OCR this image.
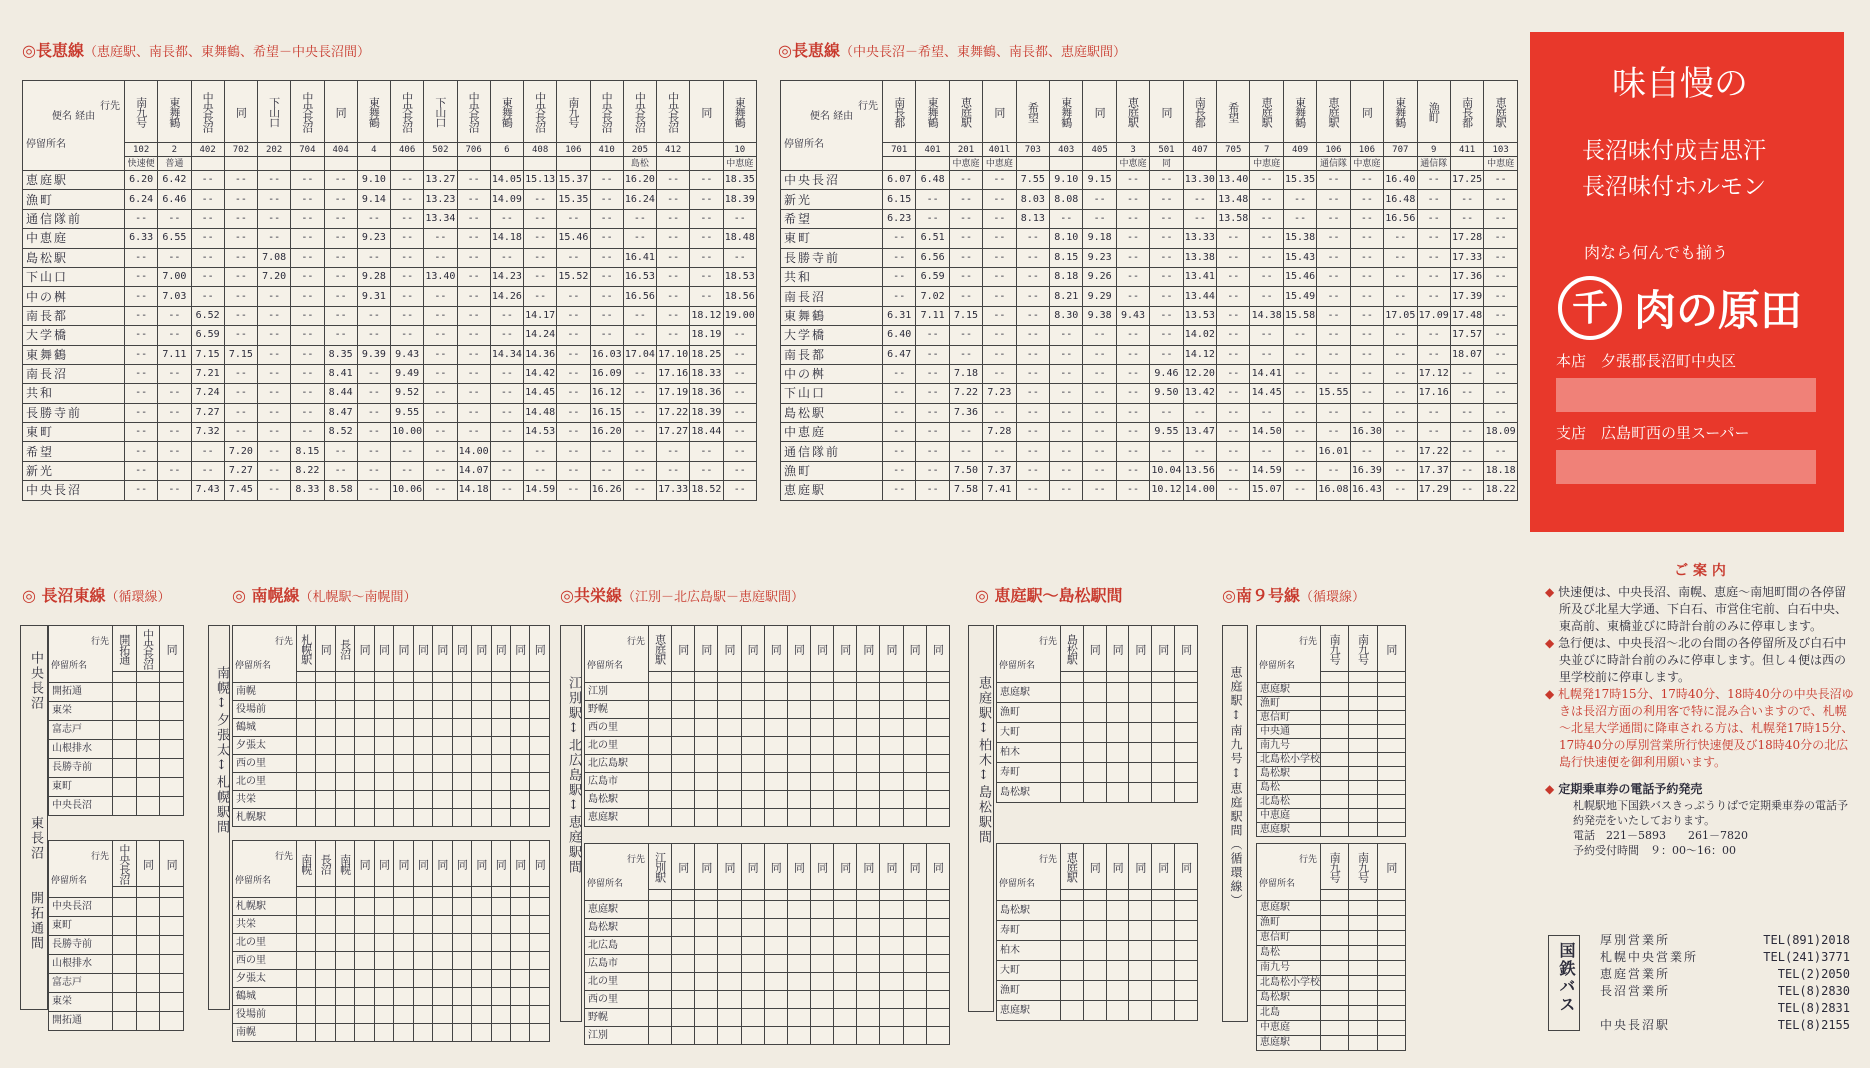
◎長恵線（恵庭駅、南長都、東舞鶴、希望－中央長沼間）
行先
便名 経由
停留所名	南九号	東舞鶴	中央長沼	同	下山口	中央長沼	同	東舞鶴	中央長沼	下山口	中央長沼	東舞鶴	中央長沼	南九号	中央長沼	中央長沼	中央長沼	同	東舞鶴
	102	2	402	702	202	704	404	4	406	502	706	6	408	106	410	205	412		10
	快速便	普通														島松			中恵庭
恵庭駅	6.20	6.42	--	--	--	--	--	9.10	--	13.27	--	14.05	15.13	15.37	--	16.20	--	--	18.35
漁町	6.24	6.46	--	--	--	--	--	9.14	--	13.23	--	14.09	--	15.35	--	16.24	--	--	18.39
通信隊前	--	--	--	--	--	--	--	--	--	13.34	--	--	--	--	--	--	--	--	--
中恵庭	6.33	6.55	--	--	--	--	--	9.23	--	--	--	14.18	--	15.46	--	--	--	--	18.48
島松駅	--	--	--	--	7.08	--	--	--	--	--	--	--	--	--	--	16.41	--	--	--
下山口	--	7.00	--	--	7.20	--	--	9.28	--	13.40	--	14.23	--	15.52	--	16.53	--	--	18.53
中の桝	--	7.03	--	--	--	--	--	9.31	--	--	--	14.26	--	--	--	16.56	--	--	18.56
南長都	--	--	6.52	--	--	--	--	--	--	--	--	--	14.17	--	--	--	--	18.12	19.00
大学橋	--	--	6.59	--	--	--	--	--	--	--	--	--	14.24	--	--	--	--	18.19	--
東舞鶴	--	7.11	7.15	7.15	--	--	8.35	9.39	9.43	--	--	14.34	14.36	--	16.03	17.04	17.10	18.25	--
南長沼	--	--	7.21	--	--	--	8.41	--	9.49	--	--	--	14.42	--	16.09	--	17.16	18.33	--
共和	--	--	7.24	--	--	--	8.44	--	9.52	--	--	--	14.45	--	16.12	--	17.19	18.36	--
長勝寺前	--	--	7.27	--	--	--	8.47	--	9.55	--	--	--	14.48	--	16.15	--	17.22	18.39	--
東町	--	--	7.32	--	--	--	8.52	--	10.00	--	--	--	14.53	--	16.20	--	17.27	18.44	--
希望	--	--	--	7.20	--	8.15	--	--	--	--	14.00	--	--	--	--	--	--	--	--
新光	--	--	--	7.27	--	8.22	--	--	--	--	14.07	--	--	--	--	--	--	--	--
中央長沼	--	--	7.43	7.45	--	8.33	8.58	--	10.06	--	14.18	--	14.59	--	16.26	--	17.33	18.52	--
◎長恵線（中央長沼－希望、東舞鶴、南長都、恵庭駅間）
行先
便名 経由
停留所名	南長都	東舞鶴	恵庭駅	同	希望	東舞鶴	同	恵庭駅	同	南長都	希望	恵庭駅	東舞鶴	恵庭駅	同	東舞鶴	漁町	南長都	恵庭駅
	701	401	201	401l	703	403	405	3	501	407	705	7	409	106	106	707	9	411	103
			中恵庭	中恵庭				中恵庭	同			中恵庭		通信隊	中恵庭		通信隊		中恵庭
中央長沼	6.07	6.48	--	--	7.55	9.10	9.15	--	--	13.30	13.40	--	15.35	--	--	16.40	--	17.25	--
新光	6.15	--	--	--	8.03	8.08	--	--	--	--	13.48	--	--	--	--	16.48	--	--	--
希望	6.23	--	--	--	8.13	--	--	--	--	--	13.58	--	--	--	--	16.56	--	--	--
東町	--	6.51	--	--	--	8.10	9.18	--	--	13.33	--	--	15.38	--	--	--	--	17.28	--
長勝寺前	--	6.56	--	--	--	8.15	9.23	--	--	13.38	--	--	15.43	--	--	--	--	17.33	--
共和	--	6.59	--	--	--	8.18	9.26	--	--	13.41	--	--	15.46	--	--	--	--	17.36	--
南長沼	--	7.02	--	--	--	8.21	9.29	--	--	13.44	--	--	15.49	--	--	--	--	17.39	--
東舞鶴	6.31	7.11	7.15	--	--	8.30	9.38	9.43	--	13.53	--	14.38	15.58	--	--	17.05	17.09	17.48	--
大学橋	6.40	--	--	--	--	--	--	--	--	14.02	--	--	--	--	--	--	--	17.57	--
南長都	6.47	--	--	--	--	--	--	--	--	14.12	--	--	--	--	--	--	--	18.07	--
中の桝	--	--	7.18	--	--	--	--	--	9.46	12.20	--	14.41	--	--	--	--	17.12	--	--
下山口	--	--	7.22	7.23	--	--	--	--	9.50	13.42	--	14.45	--	15.55	--	--	17.16	--	--
島松駅	--	--	7.36	--	--	--	--	--	--	--	--	--	--	--	--	--	--	--	--
中恵庭	--	--	--	7.28	--	--	--	--	9.55	13.47	--	14.50	--	--	16.30	--	--	--	18.09
通信隊前	--	--	--	--	--	--	--	--	--	--	--	--	--	16.01	--	--	17.22	--	--
漁町	--	--	7.50	7.37	--	--	--	--	10.04	13.56	--	14.59	--	--	16.39	--	17.37	--	18.18
恵庭駅	--	--	7.58	7.41	--	--	--	--	10.12	14.00	--	15.07	--	16.08	16.43	--	17.29	--	18.22
味自慢の
長沼味付成吉思汗
長沼味付ホルモン
肉なら何んでも揃う
千 肉の原田
本店　夕張郡長沼町中央区
支店　広島町西の里スーパー
◎ 長沼東線（循環線）	◎ 南幌線（札幌駅～南幌間）	◎共栄線（江別－北広島駅－恵庭駅間）	◎ 恵庭駅～島松駅間	◎南９号線（循環線）
中央長沼
東長沼
開拓通間
行先
停留所名	開拓通	中央長沼	同

開拓通			
東栄			
富志戸			
山根排水			
長勝寺前			
東町			
中央長沼			
行先
停留所名	中央長沼	同	同

中央長沼			
東町			
長勝寺前			
山根排水			
富志戸			
東栄			
開拓通			
南幌↕夕張太↕札幌駅間
行先
停留所名	札幌駅	同	長沼	同	同	同	同	同	同	同	同	同	同

南幌													
役場前													
鶴城													
夕張太													
西の里													
北の里													
共栄													
札幌駅													
行先
停留所名	南幌	長沼	南幌	同	同	同	同	同	同	同	同	同	同

札幌駅													
共栄													
北の里													
西の里													
夕張太													
鶴城													
役場前													
南幌													
江別駅↕北広島駅↕恵庭駅間
行先
停留所名	恵庭駅	同	同	同	同	同	同	同	同	同	同	同	同

江別													
野幌													
西の里													
北の里													
北広島駅													
広島市													
島松駅													
恵庭駅													
行先
停留所名	江別駅	同	同	同	同	同	同	同	同	同	同	同	同

恵庭駅													
島松駅													
北広島													
広島市													
北の里													
西の里													
野幌													
江別													
恵庭駅↕柏木↕島松駅間
行先
停留所名	島松駅	同	同	同	同	同

恵庭駅						
漁町						
大町						
柏木						
寿町						
島松駅						
行先
停留所名	恵庭駅	同	同	同	同	同

島松駅						
寿町						
柏木						
大町						
漁町						
恵庭駅						
恵庭駅↕南九号↕恵庭駅間（循環線）
行先
停留所名	南九号	南九号	同

恵庭駅			
漁町			
恵信町			
中央通			
南九号			
北島松小学校			
島松駅			
島松			
北島松			
中恵庭			
恵庭駅			
行先
停留所名	南九号	南九号	同

恵庭駅			
漁町			
恵信町			
島松			
南九号			
北島松小学校			
島松駅			
北島			
中恵庭			
恵庭駅			
ご 案 内

◆ 快速便は、中央長沼、南幌、恵庭～南旭町間の各停留所及び北星大学通、下白石、市営住宅前、白石中央、東高前、東橋並びに時計台前のみに停車します。

◆ 急行便は、中央長沼～北の台間の各停留所及び白石中央並びに時計台前のみに停車します。但し４便は西の里学校前に停車します。

◆ 札幌発17時15分、17時40分、18時40分の中央長沼ゆきは長沼方面の利用客で特に混み合いますので、札幌～北星大学通間に降車される方は、札幌発17時15分、17時40分の厚別営業所行快速便及び18時40分の北広島行快速便を御利用願います。

◆ 定期乗車券の電話予約発売

札幌駅地下国鉄バスきっぷうりばで定期乗車券の電話予約発売をいたしております。

電話　221－5893　　261－7820

予約受付時間　９：00～16：00

国鉄バス
厚別営業所	TEL(891)2018
札幌中央営業所	TEL(241)3771
恵庭営業所	TEL(2)2050
長沼営業所	TEL(8)2830
TEL(8)2831
中央長沼駅	TEL(8)2155
